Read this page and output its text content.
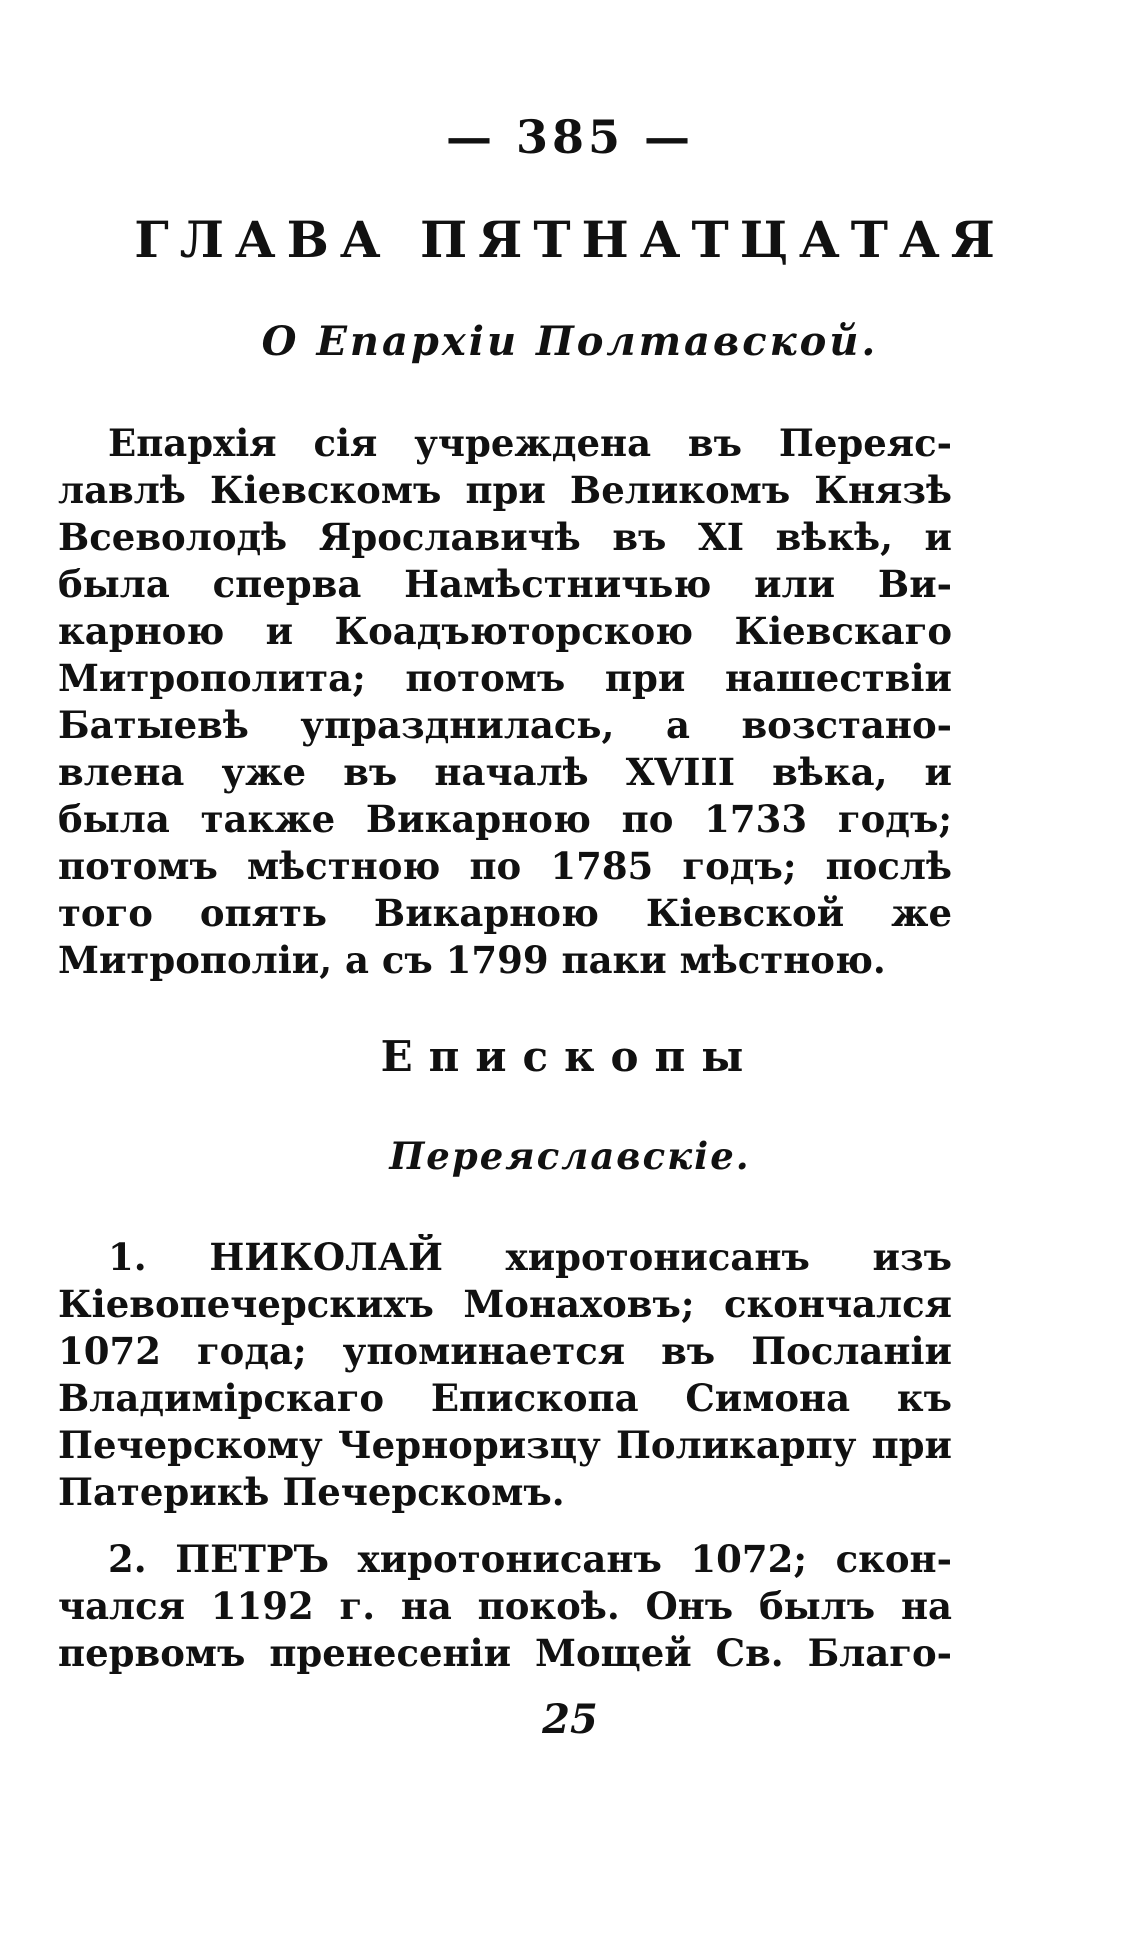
— 385 —
ГЛАВА ПЯТНАТЦАТАЯ
О Епархіи Полтавской.
Епархія сія учреждена въ Переяс-
лавлѣ Кіевскомъ при Великомъ Князѣ
Всеволодѣ Ярославичѣ въ XI вѣкѣ, и
была сперва Намѣстничью или Ви-
карною и Коадъюторскою Кіевскаго
Митрополита; потомъ при нашествіи
Батыевѣ упразднилась, а возстано-
влена уже въ началѣ XVIII вѣка, и
была также Викарною по 1733 годъ;
потомъ мѣстною по 1785 годъ; послѣ
того опять Викарною Кіевской же
Митрополіи, а съ 1799 паки мѣстною.
Епископы
Переяславскіе.
1. НИКОЛАЙ хиротонисанъ изъ
Кіевопечерскихъ Монаховъ; скончался
1072 года; упоминается въ Посланіи
Владимірскаго Епископа Симона къ
Печерскому Черноризцу Поликарпу при
Патерикѣ Печерскомъ.
2. ПЕТРЪ хиротонисанъ 1072; скон-
чался 1192 г. на покоѣ. Онъ былъ на
первомъ пренесеніи Мощей Св. Благо-
25
